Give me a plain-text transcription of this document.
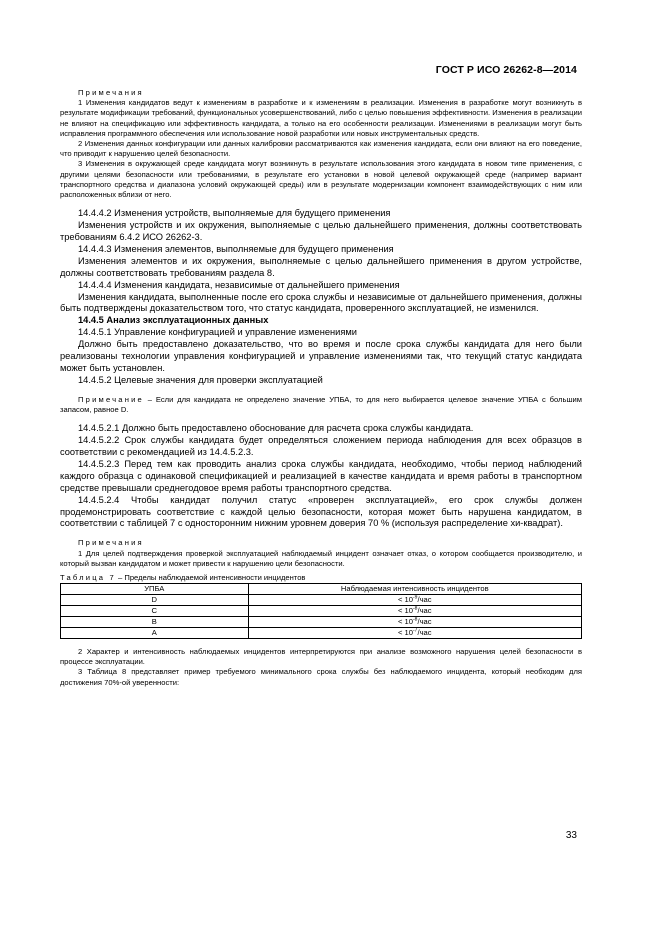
ГОСТ Р ИСО 26262-8—2014

Примечания

1 Изменения кандидатов ведут к изменениям в разработке и к изменениям в реализации. Изменения в разработке могут возникнуть в результате модификации требований, функциональных усовершенствований, либо с целью повышения эффективности. Изменения в реализации не влияют на спецификацию или эффективность кандидата, а только на его особенности реализации. Изменениями в реализации могут быть исправления программного обеспечения или использование новой разработки или новых инструментальных средств.

2 Изменения данных конфигурации или данных калибровки рассматриваются как изменения кандидата, если они влияют на его поведение, что приводит к нарушению целей безопасности.

3 Изменения в окружающей среде кандидата могут возникнуть в результате использования этого кандидата в новом типе применения, с другими целями безопасности или требованиями, в результате его установки в новой целевой окружающей среде (например вариант транспортного средства и диапазона условий окружающей среды) или в результате модернизации компонент взаимодействующих с ним или расположенных вблизи от него.

14.4.4.2 Изменения устройств, выполняемые для будущего применения

Изменения устройств и их окружения, выполняемые с целью дальнейшего применения, должны соответствовать требованиям 6.4.2 ИСО 26262-3.

14.4.4.3 Изменения элементов, выполняемые для будущего применения

Изменения элементов и их окружения, выполняемые с целью дальнейшего применения в другом устройстве, должны соответствовать требованиям раздела 8.

14.4.4.4 Изменения кандидата, независимые от дальнейшего применения

Изменения кандидата, выполненные после его срока службы и независимые от дальнейшего применения, должны быть подтверждены доказательством того, что статус кандидата, проверенного эксплуатацией, не изменился.

14.4.5 Анализ эксплуатационных данных

14.4.5.1 Управление конфигурацией и управление изменениями

Должно быть предоставлено доказательство, что во время и после срока службы кандидата для него были реализованы технологии управления конфигурацией и управление изменениями так, что текущий статус кандидата может быть установлен.

14.4.5.2 Целевые значения для проверки эксплуатацией

Примечание – Если для кандидата не определено значение УПБА, то для него выбирается целевое значение УПБА с большим запасом, равное D.

14.4.5.2.1 Должно быть предоставлено обоснование для расчета срока службы кандидата.

14.4.5.2.2 Срок службы кандидата будет определяться сложением периода наблюдения для всех образцов в соответствии с рекомендацией из 14.4.5.2.3.

14.4.5.2.3 Перед тем как проводить анализ срока службы кандидата, необходимо, чтобы период наблюдений каждого образца с одинаковой спецификацией и реализацией в качестве кандидата и время работы в транспортном средстве превышали среднегодовое время работы транспортного средства.

14.4.5.2.4 Чтобы кандидат получил статус «проверен эксплуатацией», его срок службы должен продемонстрировать соответствие с каждой целью безопасности, которая может быть нарушена кандидатом, в соответствии с таблицей 7 с односторонним нижним уровнем доверия 70 % (используя распределение хи-квадрат).

Примечания

1 Для целей подтверждения проверкой эксплуатацией наблюдаемый инцидент означает отказ, о котором сообщается производителю, и который вызван кандидатом и может привести к нарушению цели безопасности.

Таблица 7 – Пределы наблюдаемой интенсивности инцидентов

УПБА	Наблюдаемая интенсивность инцидентов
D	< $10^{-9}$/час
C	< $10^{-8}$/час
B	< $10^{-8}$/час
A	< $10^{-7}$/час

2 Характер и интенсивность наблюдаемых инцидентов интерпретируются при анализе возможного нарушения целей безопасности в процессе эксплуатации.

3 Таблица 8 представляет пример требуемого минимального срока службы без наблюдаемого инцидента, который необходим для достижения 70%-ой уверенности:

33
